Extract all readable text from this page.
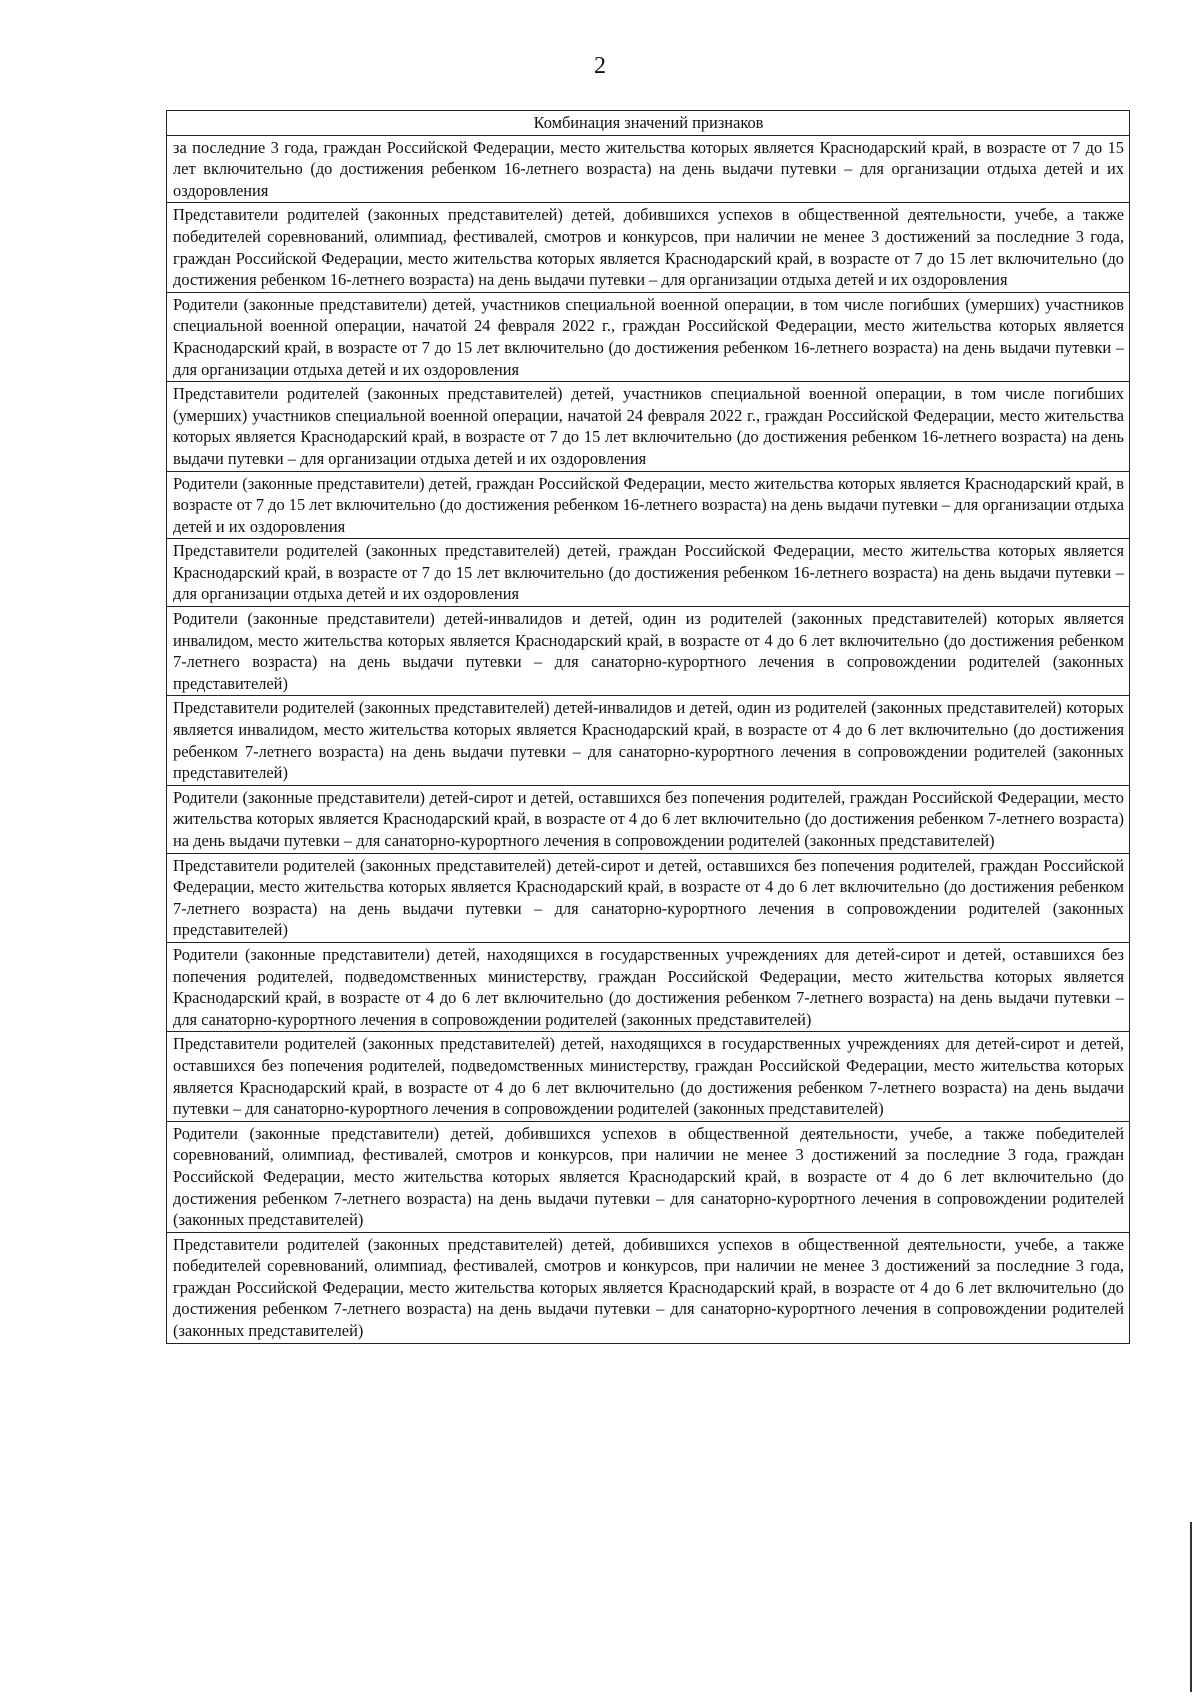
2
Комбинация значений признаков
за последние 3 года, граждан Российской Федерации, место жительства которых является Краснодарский край, в возрасте от 7 до 15 лет включительно (до достижения ребенком 16-летнего возраста) на день выдачи путевки – для организации отдыха детей и их оздоровления
Представители родителей (законных представителей) детей, добившихся успехов в общественной деятельности, учебе, а также победителей соревнований, олимпиад, фестивалей, смотров и конкурсов, при наличии не менее 3 достижений за последние 3 года, граждан Российской Федерации, место жительства которых является Краснодарский край, в возрасте от 7 до 15 лет включительно (до достижения ребенком 16-летнего возраста) на день выдачи путевки – для организации отдыха детей и их оздоровления
Родители (законные представители) детей, участников специальной военной операции, в том числе погибших (умерших) участников специальной военной операции, начатой 24 февраля 2022 г., граждан Российской Федерации, место жительства которых является Краснодарский край, в возрасте от 7 до 15 лет включительно (до достижения ребенком 16-летнего возраста) на день выдачи путевки – для организации отдыха детей и их оздоровления
Представители родителей (законных представителей) детей, участников специальной военной операции, в том числе погибших (умерших) участников специальной военной операции, начатой 24 февраля 2022 г., граждан Российской Федерации, место жительства которых является Краснодарский край, в возрасте от 7 до 15 лет включительно (до достижения ребенком 16-летнего возраста) на день выдачи путевки – для организации отдыха детей и их оздоровления
Родители (законные представители) детей, граждан Российской Федерации, место жительства которых является Краснодарский край, в возрасте от 7 до 15 лет включительно (до достижения ребенком 16-летнего возраста) на день выдачи путевки – для организации отдыха детей и их оздоровления
Представители родителей (законных представителей) детей, граждан Российской Федерации, место жительства которых является Краснодарский край, в возрасте от 7 до 15 лет включительно (до достижения ребенком 16-летнего возраста) на день выдачи путевки – для организации отдыха детей и их оздоровления
Родители (законные представители) детей-инвалидов и детей, один из родителей (законных представителей) которых является инвалидом, место жительства которых является Краснодарский край, в возрасте от 4 до 6 лет включительно (до достижения ребенком 7-летнего возраста) на день выдачи путевки – для санаторно-курортного лечения в сопровождении родителей (законных представителей)
Представители родителей (законных представителей) детей-инвалидов и детей, один из родителей (законных представителей) которых является инвалидом, место жительства которых является Краснодарский край, в возрасте от 4 до 6 лет включительно (до достижения ребенком 7-летнего возраста) на день выдачи путевки – для санаторно-курортного лечения в сопровождении родителей (законных представителей)
Родители (законные представители) детей-сирот и детей, оставшихся без попечения родителей, граждан Российской Федерации, место жительства которых является Краснодарский край, в возрасте от 4 до 6 лет включительно (до достижения ребенком 7-летнего возраста) на день выдачи путевки – для санаторно-курортного лечения в сопровождении родителей (законных представителей)
Представители родителей (законных представителей) детей-сирот и детей, оставшихся без попечения родителей, граждан Российской Федерации, место жительства которых является Краснодарский край, в возрасте от 4 до 6 лет включительно (до достижения ребенком 7-летнего возраста) на день выдачи путевки – для санаторно-курортного лечения в сопровождении родителей (законных представителей)
Родители (законные представители) детей, находящихся в государственных учреждениях для детей-сирот и детей, оставшихся без попечения родителей, подведомственных министерству, граждан Российской Федерации, место жительства которых является Краснодарский край, в возрасте от 4 до 6 лет включительно (до достижения ребенком 7-летнего возраста) на день выдачи путевки – для санаторно-курортного лечения в сопровождении родителей (законных представителей)
Представители родителей (законных представителей) детей, находящихся в государственных учреждениях для детей-сирот и детей, оставшихся без попечения родителей, подведомственных министерству, граждан Российской Федерации, место жительства которых является Краснодарский край, в возрасте от 4 до 6 лет включительно (до достижения ребенком 7-летнего возраста) на день выдачи путевки – для санаторно-курортного лечения в сопровождении родителей (законных представителей)
Родители (законные представители) детей, добившихся успехов в общественной деятельности, учебе, а также победителей соревнований, олимпиад, фестивалей, смотров и конкурсов, при наличии не менее 3 достижений за последние 3 года, граждан Российской Федерации, место жительства которых является Краснодарский край, в возрасте от 4 до 6 лет включительно (до достижения ребенком 7-летнего возраста) на день выдачи путевки – для санаторно-курортного лечения в сопровождении родителей (законных представителей)
Представители родителей (законных представителей) детей, добившихся успехов в общественной деятельности, учебе, а также победителей соревнований, олимпиад, фестивалей, смотров и конкурсов, при наличии не менее 3 достижений за последние 3 года, граждан Российской Федерации, место жительства которых является Краснодарский край, в возрасте от 4 до 6 лет включительно (до достижения ребенком 7-летнего возраста) на день выдачи путевки – для санаторно-курортного лечения в сопровождении родителей (законных представителей)
